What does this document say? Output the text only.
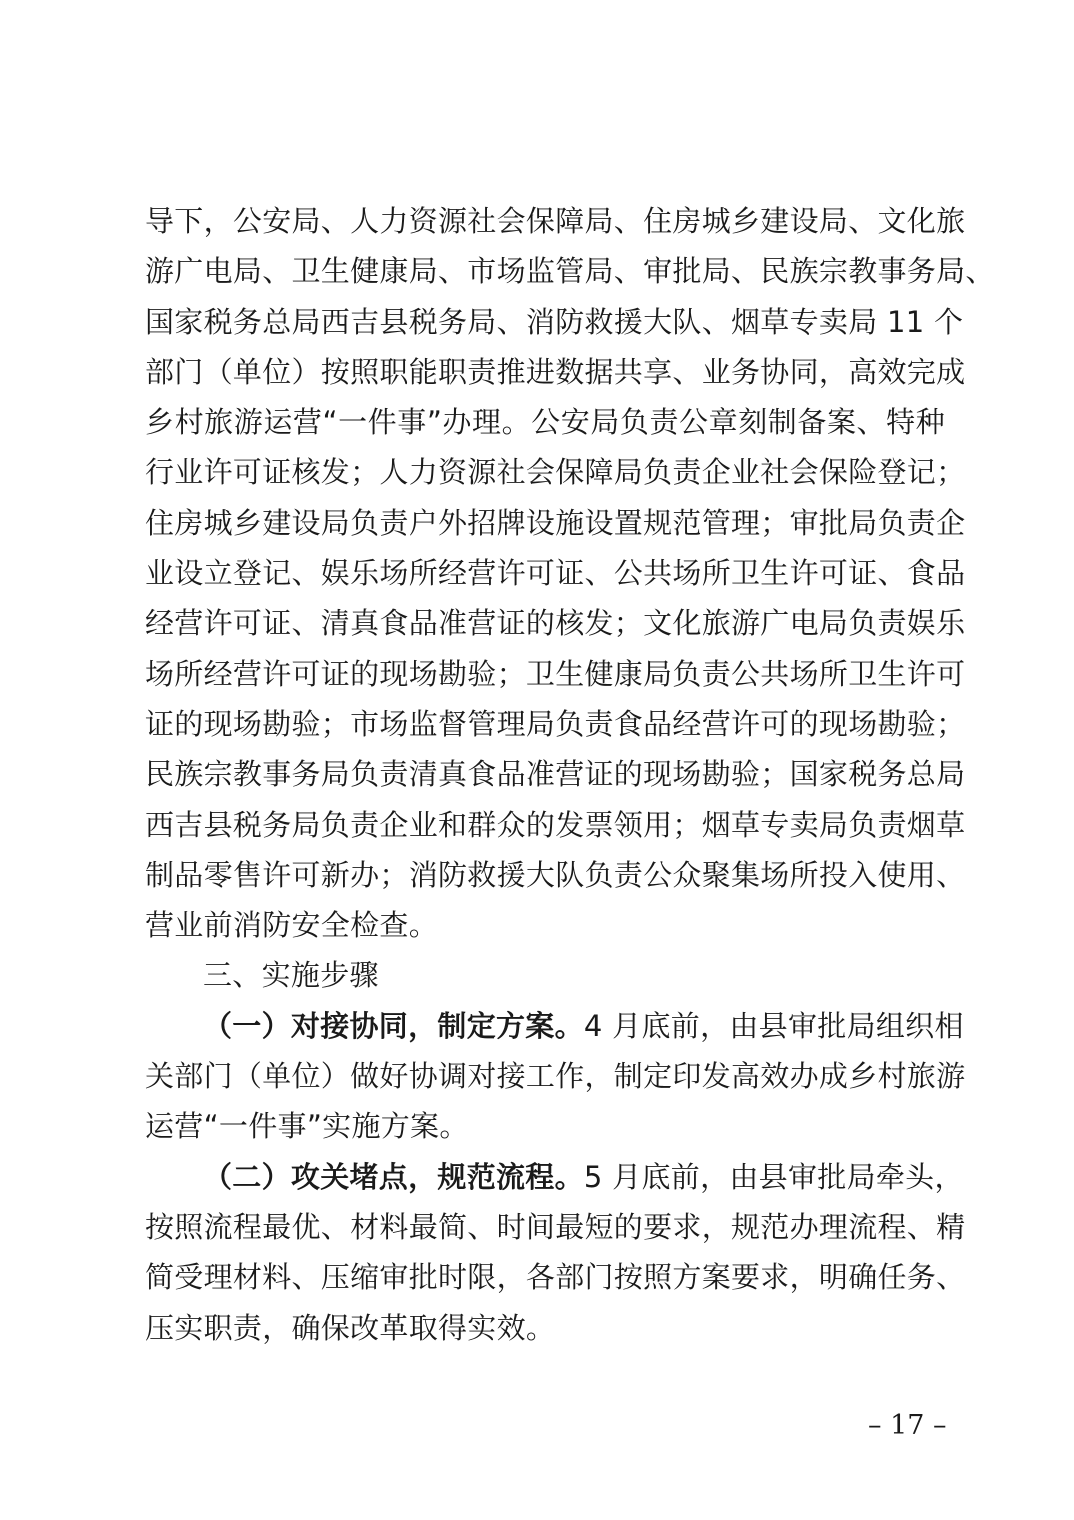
导下，公安局、人力资源社会保障局、住房城乡建设局、文化旅
游广电局、卫生健康局、市场监管局、审批局、民族宗教事务局、
国家税务总局西吉县税务局、消防救援大队、烟草专卖局 11 个
部门（单位）按照职能职责推进数据共享、业务协同，高效完成
乡村旅游运营“一件事”办理。公安局负责公章刻制备案、特种
行业许可证核发；人力资源社会保障局负责企业社会保险登记；
住房城乡建设局负责户外招牌设施设置规范管理；审批局负责企
业设立登记、娱乐场所经营许可证、公共场所卫生许可证、食品
经营许可证、清真食品准营证的核发；文化旅游广电局负责娱乐
场所经营许可证的现场勘验；卫生健康局负责公共场所卫生许可
证的现场勘验；市场监督管理局负责食品经营许可的现场勘验；
民族宗教事务局负责清真食品准营证的现场勘验；国家税务总局
西吉县税务局负责企业和群众的发票领用；烟草专卖局负责烟草
制品零售许可新办；消防救援大队负责公众聚集场所投入使用、
营业前消防安全检查。
三、实施步骤
（一）对接协同，制定方案。4 月底前，由县审批局组织相
关部门（单位）做好协调对接工作，制定印发高效办成乡村旅游
运营“一件事”实施方案。
（二）攻关堵点，规范流程。5 月底前，由县审批局牵头，
按照流程最优、材料最简、时间最短的要求，规范办理流程、精
简受理材料、压缩审批时限，各部门按照方案要求，明确任务、
压实职责，确保改革取得实效。
– 17 –
